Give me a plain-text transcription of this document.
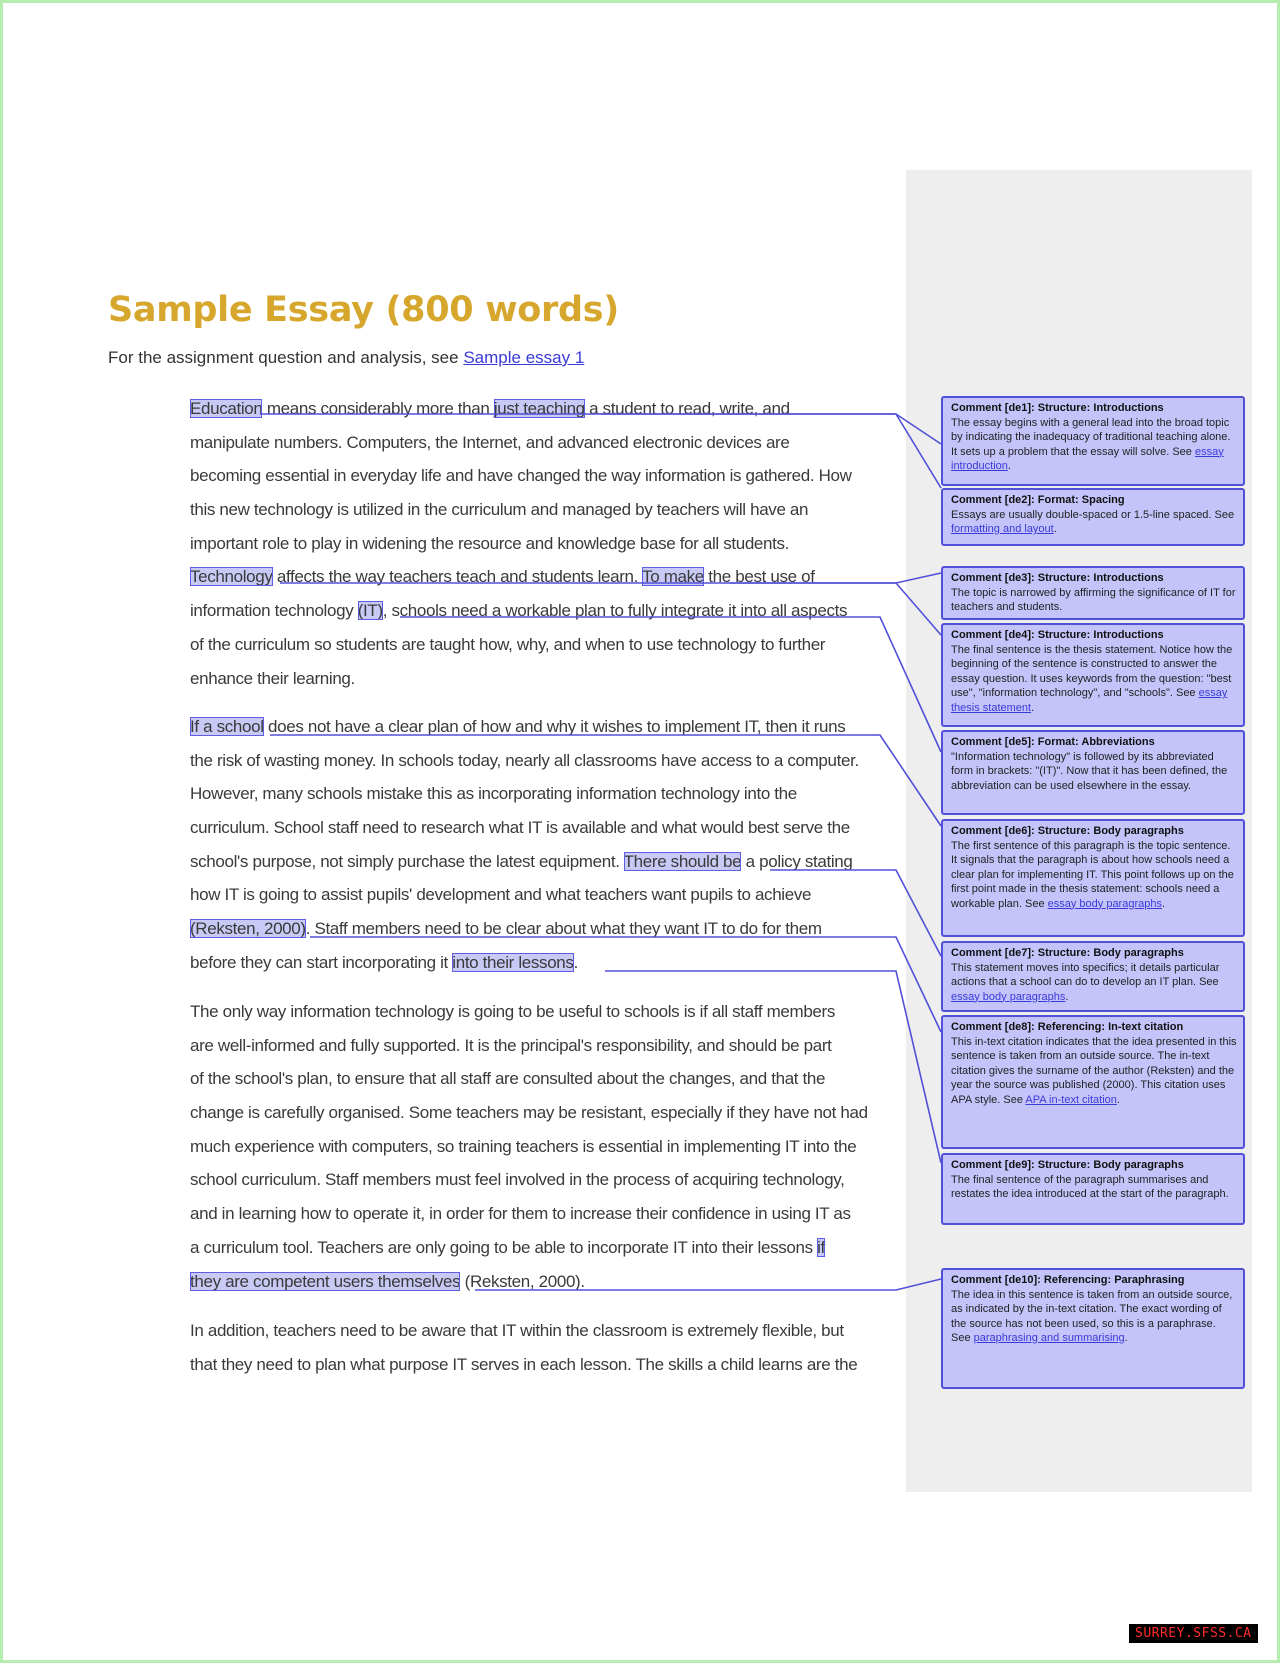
Sample Essay (800 words)
For the assignment question and analysis, see Sample essay 1
Education means considerably more than just teaching a student to read, write, and
manipulate numbers. Computers, the Internet, and advanced electronic devices are
becoming essential in everyday life and have changed the way information is gathered. How
this new technology is utilized in the curriculum and managed by teachers will have an
important role to play in widening the resource and knowledge base for all students.
Technology affects the way teachers teach and students learn. To make the best use of
information technology (IT), schools need a workable plan to fully integrate it into all aspects
of the curriculum so students are taught how, why, and when to use technology to further
enhance their learning.
If a school does not have a clear plan of how and why it wishes to implement IT, then it runs
the risk of wasting money. In schools today, nearly all classrooms have access to a computer.
However, many schools mistake this as incorporating information technology into the
curriculum. School staff need to research what IT is available and what would best serve the
school's purpose, not simply purchase the latest equipment. There should be a policy stating
how IT is going to assist pupils' development and what teachers want pupils to achieve
(Reksten, 2000). Staff members need to be clear about what they want IT to do for them
before they can start incorporating it into their lessons.
The only way information technology is going to be useful to schools is if all staff members
are well-informed and fully supported. It is the principal's responsibility, and should be part
of the school's plan, to ensure that all staff are consulted about the changes, and that the
change is carefully organised. Some teachers may be resistant, especially if they have not had
much experience with computers, so training teachers is essential in implementing IT into the
school curriculum. Staff members must feel involved in the process of acquiring technology,
and in learning how to operate it, in order for them to increase their confidence in using IT as
a curriculum tool. Teachers are only going to be able to incorporate IT into their lessons if
they are competent users themselves (Reksten, 2000).
In addition, teachers need to be aware that IT within the classroom is extremely flexible, but
that they need to plan what purpose IT serves in each lesson. The skills a child learns are the
Comment [de1]: Structure: Introductions
The essay begins with a general lead into the broad topic by indicating the inadequacy of traditional teaching alone. It sets up a problem that the essay will solve. See essay introduction.
Comment [de2]: Format: Spacing
Essays are usually double-spaced or 1.5-line spaced. See formatting and layout.
Comment [de3]: Structure: Introductions
The topic is narrowed by affirming the significance of IT for teachers and students.
Comment [de4]: Structure: Introductions
The final sentence is the thesis statement. Notice how the beginning of the sentence is constructed to answer the essay question. It uses keywords from the question: "best use", "information technology", and "schools". See essay thesis statement.
Comment [de5]: Format: Abbreviations
"Information technology" is followed by its abbreviated form in brackets: "(IT)". Now that it has been defined, the abbreviation can be used elsewhere in the essay.
Comment [de6]: Structure: Body paragraphs
The first sentence of this paragraph is the topic sentence. It signals that the paragraph is about how schools need a clear plan for implementing IT. This point follows up on the first point made in the thesis statement: schools need a workable plan. See essay body paragraphs.
Comment [de7]: Structure: Body paragraphs
This statement moves into specifics; it details particular actions that a school can do to develop an IT plan. See essay body paragraphs.
Comment [de8]: Referencing: In-text citation
This in-text citation indicates that the idea presented in this sentence is taken from an outside source. The in-text citation gives the surname of the author (Reksten) and the year the source was published (2000). This citation uses APA style. See APA in-text citation.
Comment [de9]: Structure: Body paragraphs
The final sentence of the paragraph summarises and restates the idea introduced at the start of the paragraph.
Comment [de10]: Referencing: Paraphrasing
The idea in this sentence is taken from an outside source, as indicated by the in-text citation. The exact wording of the source has not been used, so this is a paraphrase. See paraphrasing and summarising.
SURREY.SFSS.CA
